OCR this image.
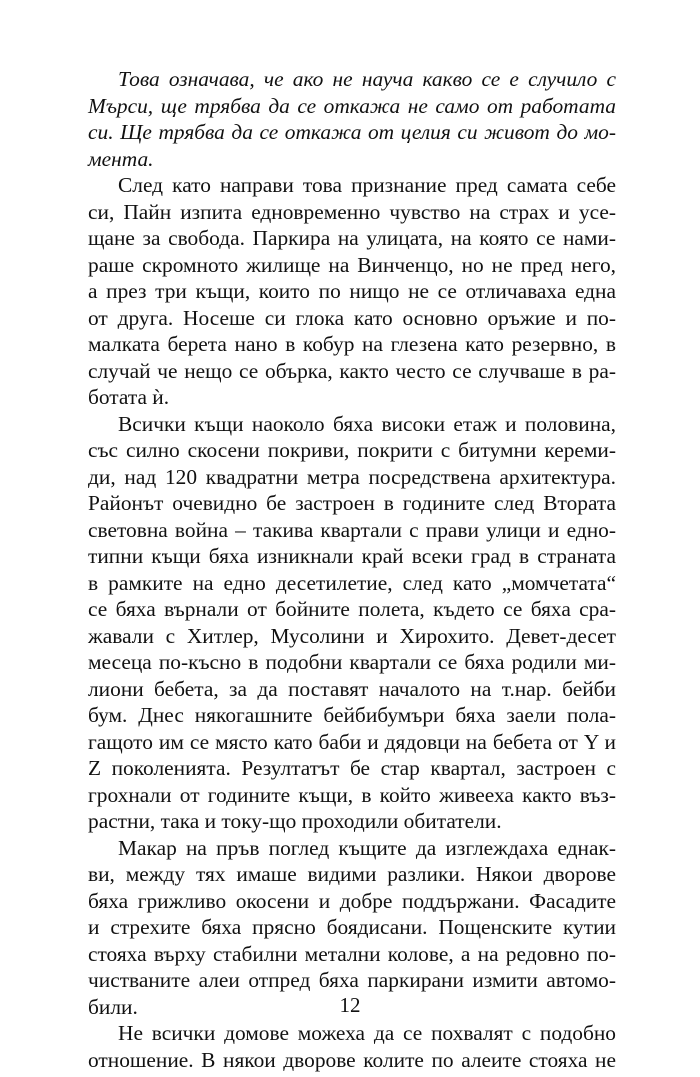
Това означава, че ако не науча какво се е случило с
Мърси, ще трябва да се откажа не само от работата
си. Ще трябва да се откажа от целия си живот до мо-
мента.
След като направи това признание пред самата себе
си, Пайн изпита едновременно чувство на страх и усе-
щане за свобода. Паркира на улицата, на която се нами-
раше скромното жилище на Винченцо, но не пред него,
а през три къщи, които по нищо не се отличаваха една
от друга. Носеше си глока като основно оръжие и по-
малката берета нано в кобур на глезена като резервно, в
случай че нещо се обърка, както често се случваше в ра-
ботата ѝ.
Всички къщи наоколо бяха високи етаж и половина,
със силно скосени покриви, покрити с битумни кереми-
ди, над 120 квадратни метра посредствена архитектура.
Районът очевидно бе застроен в годините след Втората
световна война – такива квартали с прави улици и едно-
типни къщи бяха изникнали край всеки град в страната
в рамките на едно десетилетие, след като „момчетата“
се бяха върнали от бойните полета, където се бяха сра-
жавали с Хитлер, Мусолини и Хирохито. Девет-десет
месеца по-късно в подобни квартали се бяха родили ми-
лиони бебета, за да поставят началото на т.нар. бейби
бум. Днес някогашните бейбибумъри бяха заели пола-
гащото им се място като баби и дядовци на бебета от Y и
Z поколенията. Резултатът бе стар квартал, застроен с
грохнали от годините къщи, в който живееха както въз-
растни, така и току-що проходили обитатели.
Макар на пръв поглед къщите да изглеждаха еднак-
ви, между тях имаше видими разлики. Някои дворове
бяха грижливо окосени и добре поддържани. Фасадите
и стрехите бяха прясно боядисани. Пощенските кутии
стояха върху стабилни метални колове, а на редовно по-
чистваните алеи отпред бяха паркирани измити автомо-
били.
Не всички домове можеха да се похвалят с подобно
отношение. В някои дворове колите по алеите стояха не
12
